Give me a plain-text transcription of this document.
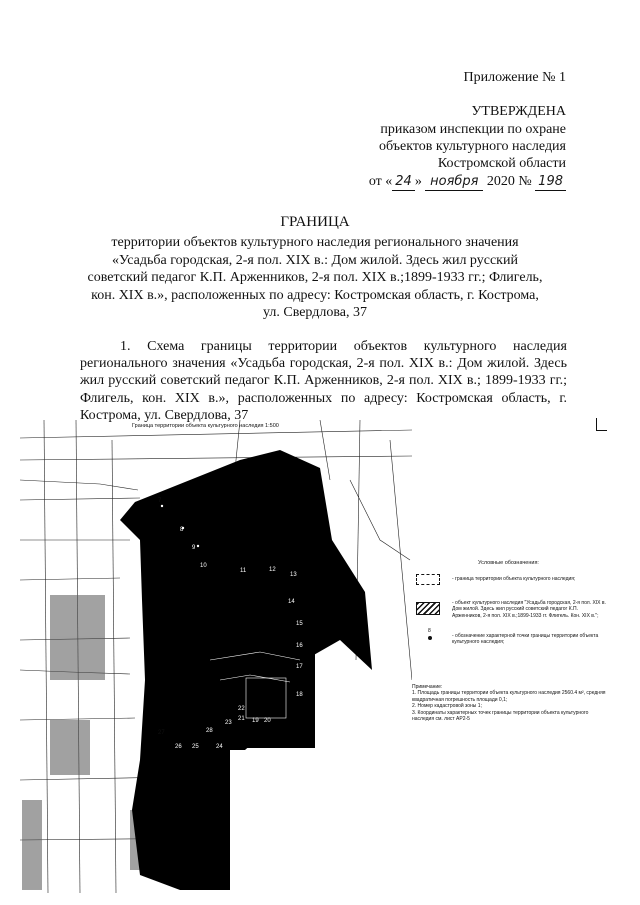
Приложение № 1
УТВЕРЖДЕНА
приказом инспекции по охране
объектов культурного наследия
Костромской области
от « 24 » ноября 2020 № 198
ГРАНИЦА
территории объектов культурного наследия регионального значения
«Усадьба городская, 2-я пол. XIX в.: Дом жилой. Здесь жил русский
советский педагог К.П. Арженников, 2-я пол. XIX в.;1899-1933 гг.; Флигель,
кон. XIX в.», расположенных по адресу: Костромская область, г. Кострома,
ул. Свердлова, 37
1. Схема границы территории объектов культурного наследия регионального значения «Усадьба городская, 2-я пол. XIX в.: Дом жилой. Здесь жил русский советский педагог К.П. Арженников, 2-я пол. XIX в.; 1899-1933 гг.; Флигель, кон. XIX в.», расположенных по адресу: Костромская область, г. Кострома, ул. Свердлова, 37
Граница территории объекта культурного наследия 1:500
7
8
9
10
11	12
13
14
15
16
17
18
19 20
21
22
23
24
25
26
27	28
Условные обозначения:
- граница территории объекта культурного наследия;
- объект культурного наследия "Усадьба городская, 2-я пол. XIX в. Дом жилой. Здесь жил русский советский педагог К.П. Арженников, 2-я пол. XIX в.;1899-1933 гг. Флигель. Кон. XIX в.";
8
- обозначение характерной точки границы территории объекта культурного наследия;
Примечание:
1. Площадь границы территории объекта культурного наследия 2560.4 м², средняя квадратичная погрешность площади 0,1;
2. Номер кадастровой зоны 1;
3. Координаты характерных точек границы территории объекта культурного наследия см. лист АР2-5
